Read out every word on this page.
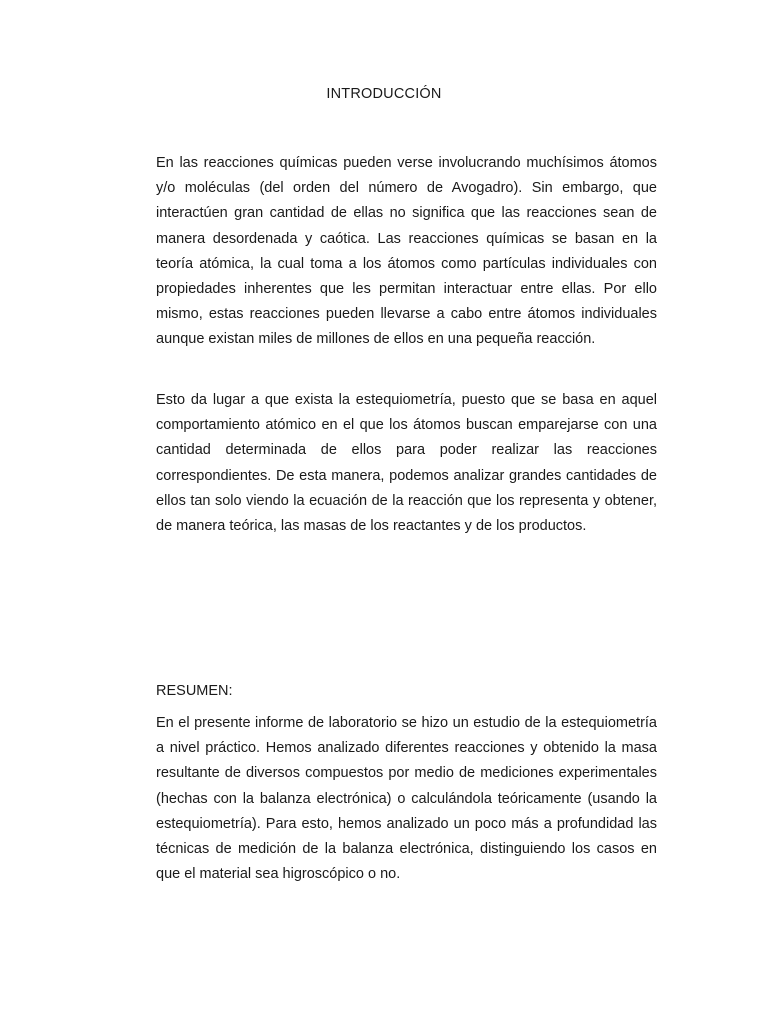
INTRODUCCIÓN

En las reacciones químicas pueden verse involucrando muchísimos átomos y/o moléculas (del orden del número de Avogadro). Sin embargo, que interactúen gran cantidad de ellas no significa que las reacciones sean de manera desordenada y caótica. Las reacciones químicas se basan en la teoría atómica, la cual toma a los átomos como partículas individuales con propiedades inherentes que les permitan interactuar entre ellas. Por ello mismo, estas reacciones pueden llevarse a cabo entre átomos individuales aunque existan miles de millones de ellos en una pequeña reacción.

Esto da lugar a que exista la estequiometría, puesto que se basa en aquel comportamiento atómico en el que los átomos buscan emparejarse con una cantidad determinada de ellos para poder realizar las reacciones correspondientes. De esta manera, podemos analizar grandes cantidades de ellos tan solo viendo la ecuación de la reacción que los representa y obtener, de manera teórica, las masas de los reactantes y de los productos.

RESUMEN:

En el presente informe de laboratorio se hizo un estudio de la estequiometría a nivel práctico. Hemos analizado diferentes reacciones y obtenido la masa resultante de diversos compuestos por medio de mediciones experimentales (hechas con la balanza electrónica) o calculándola teóricamente (usando la estequiometría). Para esto, hemos analizado un poco más a profundidad las técnicas de medición de la balanza electrónica, distinguiendo los casos en que el material sea higroscópico o no.
